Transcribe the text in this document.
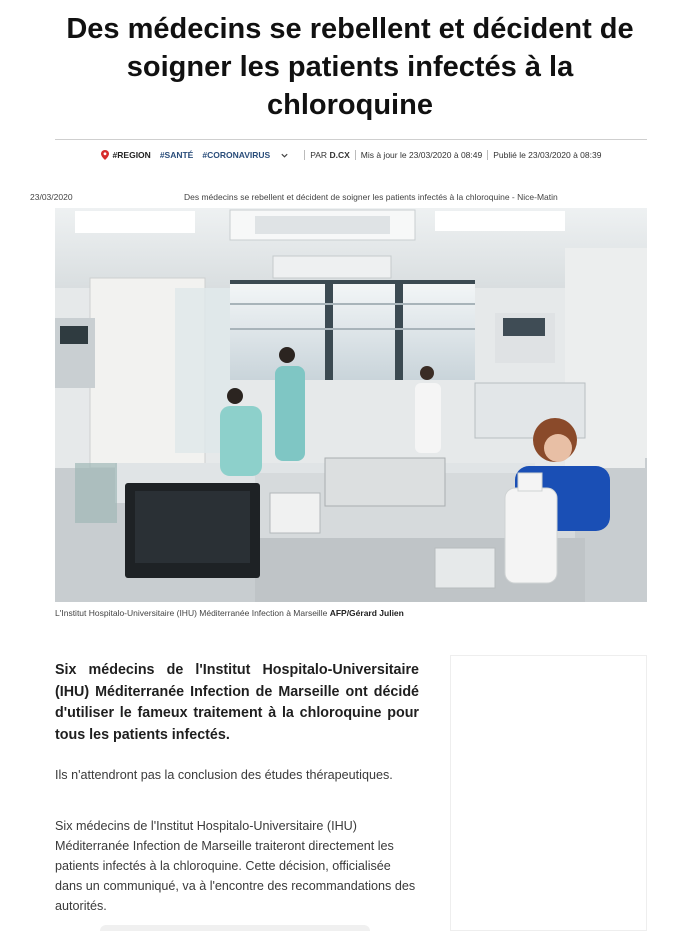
Des médecins se rebellent et décident de soigner les patients infectés à la chloroquine
#REGION #SANTÉ #CORONAVIRUS	PAR D.CX Mis à jour le 23/03/2020 à 08:49 Publié le 23/03/2020 à 08:39
23/03/2020	Des médecins se rebellent et décident de soigner les patients infectés à la chloroquine - Nice-Matin
L'Institut Hospitalo-Universitaire (IHU) Méditerranée Infection à Marseille AFP/Gérard Julien
Six médecins de l'Institut Hospitalo-Universitaire (IHU) Méditerranée Infection de Marseille ont décidé d'utiliser le fameux traitement à la chloroquine pour tous les patients infectés.
Ils n'attendront pas la conclusion des études thérapeutiques.
Six médecins de l'Institut Hospitalo-Universitaire (IHU) Méditerranée Infection de Marseille traiteront directement les patients infectés à la chloroquine. Cette décision, officialisée dans un communiqué, va à l'encontre des recommandations des autorités.
